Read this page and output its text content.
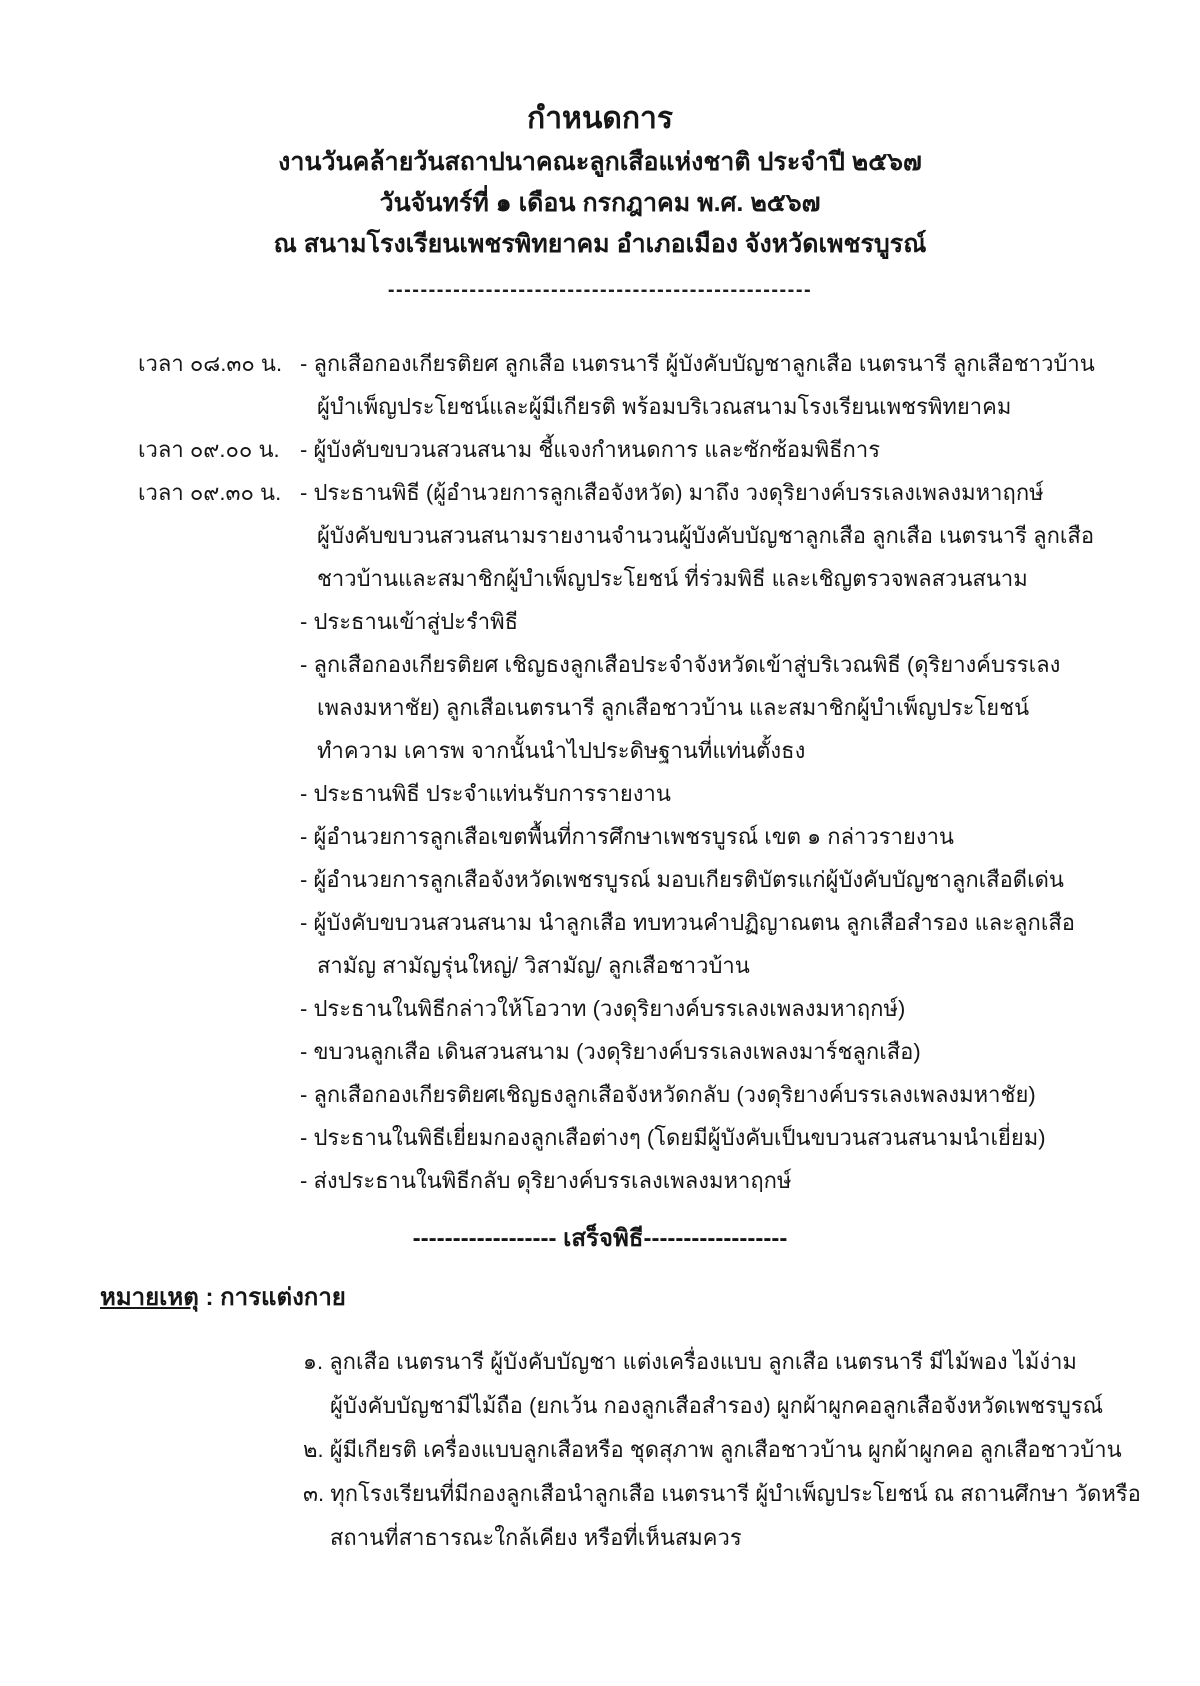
กำหนดการ
งานวันคล้ายวันสถาปนาคณะลูกเสือแห่งชาติ ประจำปี ๒๕๖๗
วันจันทร์ที่ ๑ เดือน กรกฎาคม พ.ศ. ๒๕๖๗
ณ สนามโรงเรียนเพชรพิทยาคม อำเภอเมือง จังหวัดเพชรบูรณ์
----------------------------------------------------
เวลา ๐๘.๓๐ น. - ลูกเสือกองเกียรติยศ ลูกเสือ เนตรนารี ผู้บังคับบัญชาลูกเสือ เนตรนารี ลูกเสือชาวบ้าน
ผู้บำเพ็ญประโยชน์และผู้มีเกียรติ พร้อมบริเวณสนามโรงเรียนเพชรพิทยาคม
เวลา ๐๙.๐๐ น. - ผู้บังคับขบวนสวนสนาม ชี้แจงกำหนดการ และซักซ้อมพิธีการ
เวลา ๐๙.๓๐ น. - ประธานพิธี (ผู้อำนวยการลูกเสือจังหวัด) มาถึง วงดุริยางค์บรรเลงเพลงมหาฤกษ์
ผู้บังคับขบวนสวนสนามรายงานจำนวนผู้บังคับบัญชาลูกเสือ ลูกเสือ เนตรนารี ลูกเสือ
ชาวบ้านและสมาชิกผู้บำเพ็ญประโยชน์ ที่ร่วมพิธี และเชิญตรวจพลสวนสนาม
- ประธานเข้าสู่ปะรำพิธี
- ลูกเสือกองเกียรติยศ เชิญธงลูกเสือประจำจังหวัดเข้าสู่บริเวณพิธี (ดุริยางค์บรรเลง
เพลงมหาชัย) ลูกเสือเนตรนารี ลูกเสือชาวบ้าน และสมาชิกผู้บำเพ็ญประโยชน์
ทำความ เคารพ จากนั้นนำไปประดิษฐานที่แท่นตั้งธง
- ประธานพิธี ประจำแท่นรับการรายงาน
- ผู้อำนวยการลูกเสือเขตพื้นที่การศึกษาเพชรบูรณ์ เขต ๑ กล่าวรายงาน
- ผู้อำนวยการลูกเสือจังหวัดเพชรบูรณ์ มอบเกียรติบัตรแก่ผู้บังคับบัญชาลูกเสือดีเด่น
- ผู้บังคับขบวนสวนสนาม นำลูกเสือ ทบทวนคำปฏิญาณตน ลูกเสือสำรอง และลูกเสือ
สามัญ สามัญรุ่นใหญ่/ วิสามัญ/ ลูกเสือชาวบ้าน
- ประธานในพิธีกล่าวให้โอวาท (วงดุริยางค์บรรเลงเพลงมหาฤกษ์)
- ขบวนลูกเสือ เดินสวนสนาม (วงดุริยางค์บรรเลงเพลงมาร์ชลูกเสือ)
- ลูกเสือกองเกียรติยศเชิญธงลูกเสือจังหวัดกลับ (วงดุริยางค์บรรเลงเพลงมหาชัย)
- ประธานในพิธีเยี่ยมกองลูกเสือต่างๆ (โดยมีผู้บังคับเป็นขบวนสวนสนามนำเยี่ยม)
- ส่งประธานในพิธีกลับ ดุริยางค์บรรเลงเพลงมหาฤกษ์
------------------ เสร็จพิธี------------------
หมายเหตุ : การแต่งกาย
๑. ลูกเสือ เนตรนารี ผู้บังคับบัญชา แต่งเครื่องแบบ ลูกเสือ เนตรนารี มีไม้พอง ไม้ง่าม
ผู้บังคับบัญชามีไม้ถือ (ยกเว้น กองลูกเสือสำรอง) ผูกผ้าผูกคอลูกเสือจังหวัดเพชรบูรณ์
๒. ผู้มีเกียรติ เครื่องแบบลูกเสือหรือ ชุดสุภาพ ลูกเสือชาวบ้าน ผูกผ้าผูกคอ ลูกเสือชาวบ้าน
๓. ทุกโรงเรียนที่มีกองลูกเสือนำลูกเสือ เนตรนารี ผู้บำเพ็ญประโยชน์ ณ สถานศึกษา วัดหรือ
สถานที่สาธารณะใกล้เคียง หรือที่เห็นสมควร
